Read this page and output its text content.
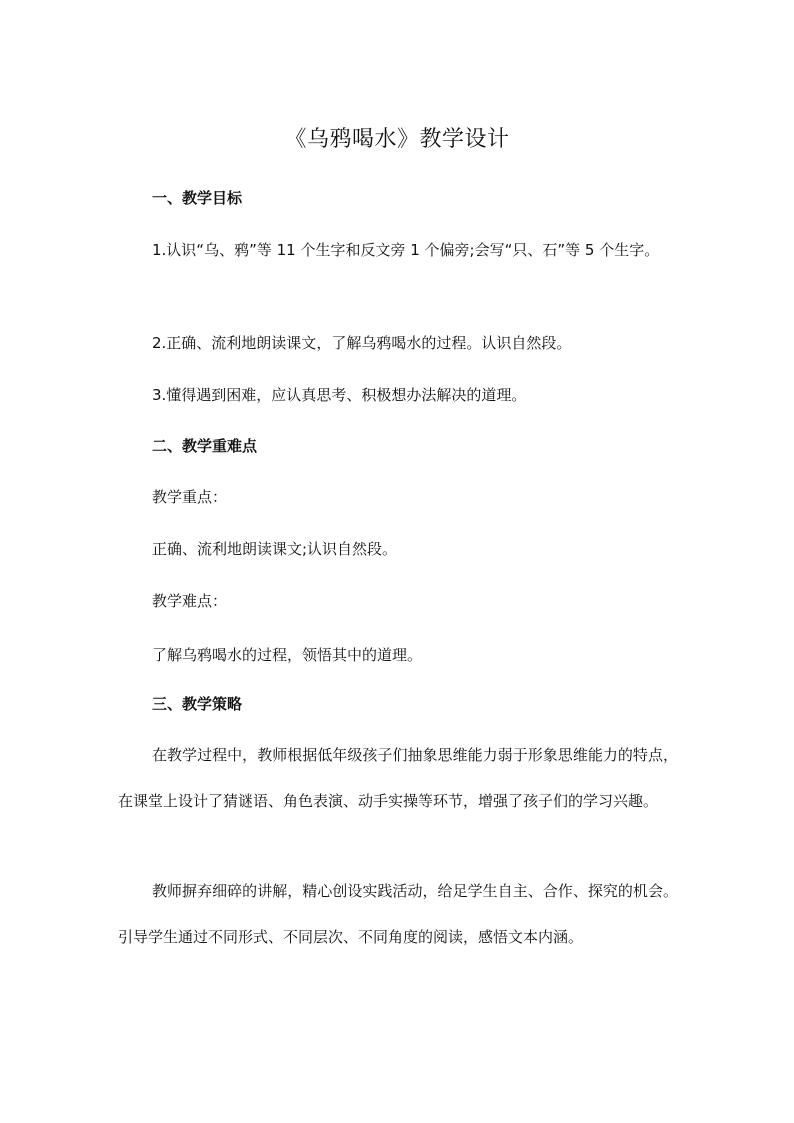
《乌鸦喝水》教学设计
一、教学目标

1.认识“乌、鸦”等 11 个生字和反文旁 1 个偏旁;会写“只、石”等 5 个生字。

2.正确、流利地朗读课文，了解乌鸦喝水的过程。认识自然段。

3.懂得遇到困难，应认真思考、积极想办法解决的道理。

二、教学重难点

教学重点：

正确、流利地朗读课文;认识自然段。

教学难点：

了解乌鸦喝水的过程，领悟其中的道理。

三、教学策略

在教学过程中，教师根据低年级孩子们抽象思维能力弱于形象思维能力的特点，在课堂上设计了猜谜语、角色表演、动手实操等环节，增强了孩子们的学习兴趣。

教师摒弃细碎的讲解，精心创设实践活动，给足学生自主、合作、探究的机会。引导学生通过不同形式、不同层次、不同角度的阅读，感悟文本内涵。
